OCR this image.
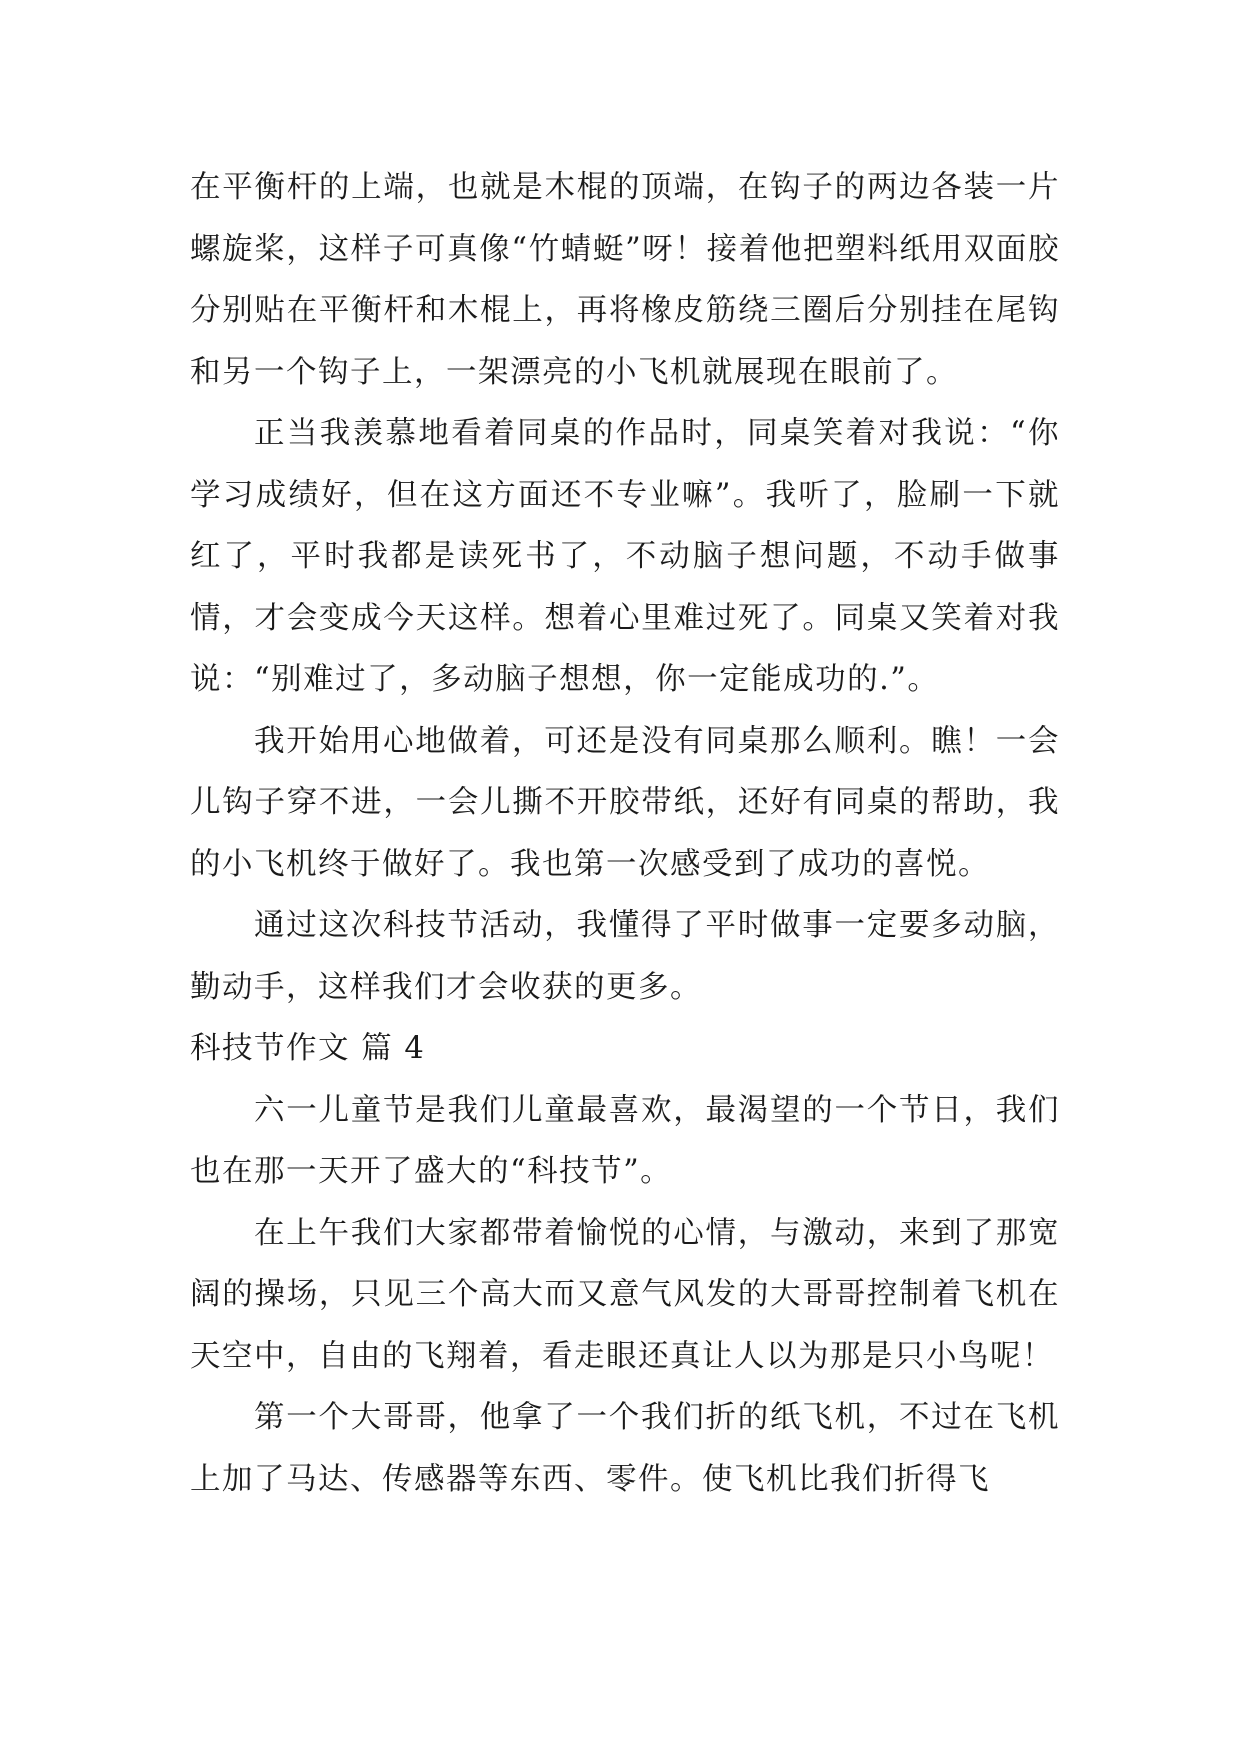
在平衡杆的上端，也就是木棍的顶端，在钩子的两边各装一片螺旋桨，这样子可真像“竹蜻蜓”呀！接着他把塑料纸用双面胶分别贴在平衡杆和木棍上，再将橡皮筋绕三圈后分别挂在尾钩和另一个钩子上，一架漂亮的小飞机就展现在眼前了。

正当我羡慕地看着同桌的作品时，同桌笑着对我说：“你学习成绩好，但在这方面还不专业嘛”。我听了，脸刷一下就红了，平时我都是读死书了，不动脑子想问题，不动手做事情，才会变成今天这样。想着心里难过死了。同桌又笑着对我说：“别难过了，多动脑子想想，你一定能成功的.”。

我开始用心地做着，可还是没有同桌那么顺利。瞧！一会儿钩子穿不进，一会儿撕不开胶带纸，还好有同桌的帮助，我的小飞机终于做好了。我也第一次感受到了成功的喜悦。

通过这次科技节活动，我懂得了平时做事一定要多动脑，勤动手，这样我们才会收获的更多。

科技节作文 篇 4

六一儿童节是我们儿童最喜欢，最渴望的一个节日，我们也在那一天开了盛大的“科技节”。

在上午我们大家都带着愉悦的心情，与激动，来到了那宽阔的操场，只见三个高大而又意气风发的大哥哥控制着飞机在天空中，自由的飞翔着，看走眼还真让人以为那是只小鸟呢！

第一个大哥哥，他拿了一个我们折的纸飞机，不过在飞机上加了马达、传感器等东西、零件。使飞机比我们折得飞
